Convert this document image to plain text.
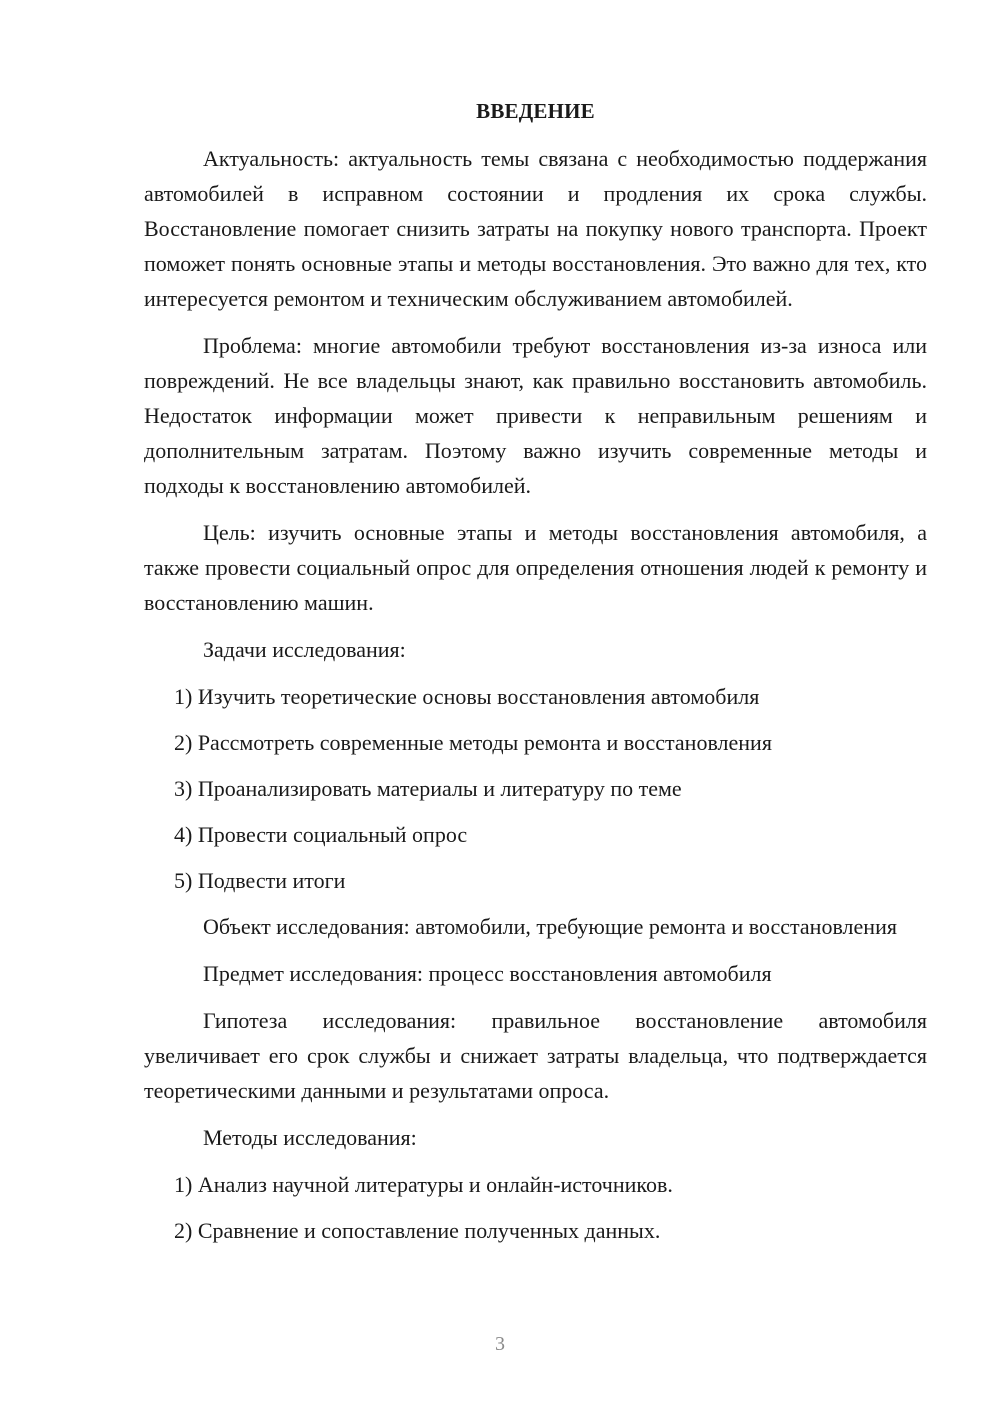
ВВЕДЕНИЕ

Актуальность: актуальность темы связана с необходимостью поддержания автомобилей в исправном состоянии и продления их срока службы. Восстановление помогает снизить затраты на покупку нового транспорта. Проект поможет понять основные этапы и методы восстановления. Это важно для тех, кто интересуется ремонтом и техническим обслуживанием автомобилей.

Проблема: многие автомобили требуют восстановления из-за износа или повреждений. Не все владельцы знают, как правильно восстановить автомобиль. Недостаток информации может привести к неправильным решениям и дополнительным затратам. Поэтому важно изучить современные методы и подходы к восстановлению автомобилей.

Цель: изучить основные этапы и методы восстановления автомобиля, а также провести социальный опрос для определения отношения людей к ремонту и восстановлению машин.

Задачи исследования:

1) Изучить теоретические основы восстановления автомобиля
2) Рассмотреть современные методы ремонта и восстановления
3) Проанализировать материалы и литературу по теме
4) Провести социальный опрос
5) Подвести итоги

Объект исследования: автомобили, требующие ремонта и восстановления

Предмет исследования: процесс восстановления автомобиля

Гипотеза исследования: правильное восстановление автомобиля увеличивает его срок службы и снижает затраты владельца, что подтверждается теоретическими данными и результатами опроса.

Методы исследования:

1) Анализ научной литературы и онлайн-источников.
2) Сравнение и сопоставление полученных данных.
3
